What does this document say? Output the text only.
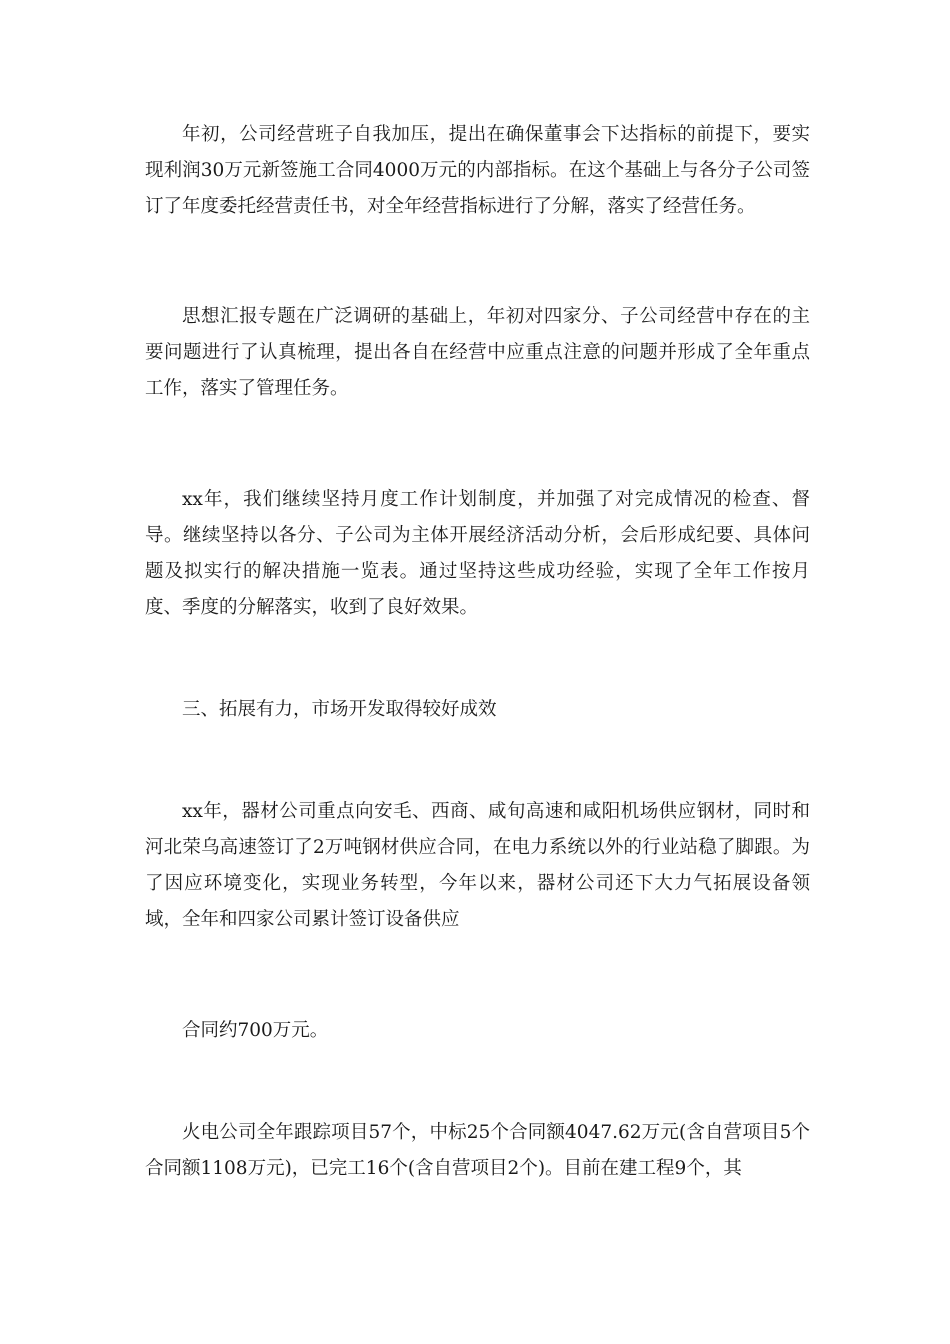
年初，公司经营班子自我加压，提出在确保董事会下达指标的前提下，要实现利润30万元新签施工合同4000万元的内部指标。在这个基础上与各分子公司签订了年度委托经营责任书，对全年经营指标进行了分解，落实了经营任务。

思想汇报专题在广泛调研的基础上，年初对四家分、子公司经营中存在的主要问题进行了认真梳理，提出各自在经营中应重点注意的问题并形成了全年重点工作，落实了管理任务。

xx年，我们继续坚持月度工作计划制度，并加强了对完成情况的检查、督导。继续坚持以各分、子公司为主体开展经济活动分析，会后形成纪要、具体问题及拟实行的解决措施一览表。通过坚持这些成功经验，实现了全年工作按月度、季度的分解落实，收到了良好效果。

三、拓展有力，市场开发取得较好成效

xx年，器材公司重点向安毛、西商、咸旬高速和咸阳机场供应钢材，同时和河北荣乌高速签订了2万吨钢材供应合同，在电力系统以外的行业站稳了脚跟。为了因应环境变化，实现业务转型，今年以来，器材公司还下大力气拓展设备领域，全年和四家公司累计签订设备供应

合同约700万元。

火电公司全年跟踪项目57个，中标25个合同额4047.62万元(含自营项目5个合同额1108万元)，已完工16个(含自营项目2个)。目前在建工程9个，其
